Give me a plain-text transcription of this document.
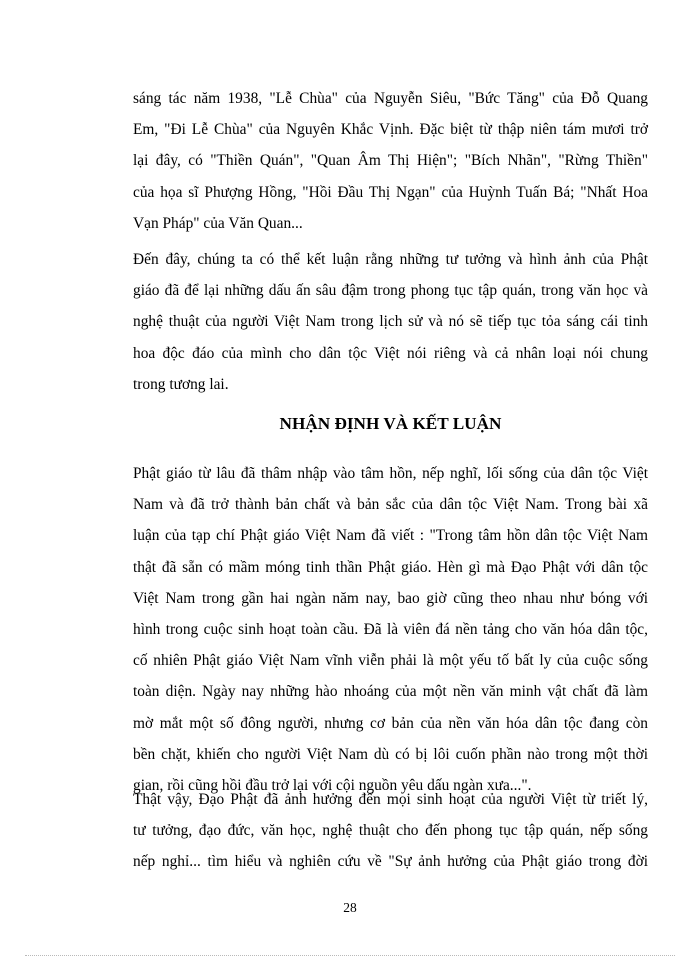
sáng tác năm 1938, "Lễ Chùa" của Nguyễn Siêu, "Bức Tăng" của Đỗ Quang
Em, "Đi Lễ Chùa" của Nguyên Khắc Vịnh. Đặc biệt từ thập niên tám mươi trở
lại đây, có "Thiền Quán", "Quan Âm Thị Hiện"; "Bích Nhãn", "Rừng Thiền"
của họa sĩ Phượng Hồng, "Hồi Đầu Thị Ngạn" của Huỳnh Tuấn Bá; "Nhất Hoa
Vạn Pháp" của Văn Quan...
Đến đây, chúng ta có thể kết luận rằng những tư tưởng và hình ảnh của Phật
giáo đã để lại những dấu ấn sâu đậm trong phong tục tập quán, trong văn học và
nghệ thuật của người Việt Nam trong lịch sử và nó sẽ tiếp tục tỏa sáng cái tinh
hoa độc đáo của mình cho dân tộc Việt nói riêng và cả nhân loại nói chung
trong tương lai.
NHẬN ĐỊNH VÀ KẾT LUẬN
Phật giáo từ lâu đã thâm nhập vào tâm hồn, nếp nghĩ, lối sống của dân tộc Việt
Nam và đã trở thành bản chất và bản sắc của dân tộc Việt Nam. Trong bài xã
luận của tạp chí Phật giáo Việt Nam đã viết : "Trong tâm hồn dân tộc Việt Nam
thật đã sẵn có mầm móng tinh thần Phật giáo. Hèn gì mà Đạo Phật với dân tộc
Việt Nam trong gần hai ngàn năm nay, bao giờ cũng theo nhau như bóng với
hình trong cuộc sinh hoạt toàn cầu. Đã là viên đá nền tảng cho văn hóa dân tộc,
cố nhiên Phật giáo Việt Nam vĩnh viễn phải là một yếu tố bất ly của cuộc sống
toàn diện. Ngày nay những hào nhoáng của một nền văn minh vật chất đã làm
mờ mắt một số đông người, nhưng cơ bản của nền văn hóa dân tộc đang còn
bền chặt, khiến cho người Việt Nam dù có bị lôi cuốn phần nào trong một thời
gian, rồi cũng hồi đầu trở lại với cội nguồn yêu dấu ngàn xưa...".
Thật vậy, Đạo Phật đã ảnh hưởng đến mọi sinh hoạt của người Việt từ triết lý,
tư tưởng, đạo đức, văn học, nghệ thuật cho đến phong tục tập quán, nếp sống
nếp nghỉ... tìm hiểu và nghiên cứu về "Sự ảnh hưởng của Phật giáo trong đời
28
